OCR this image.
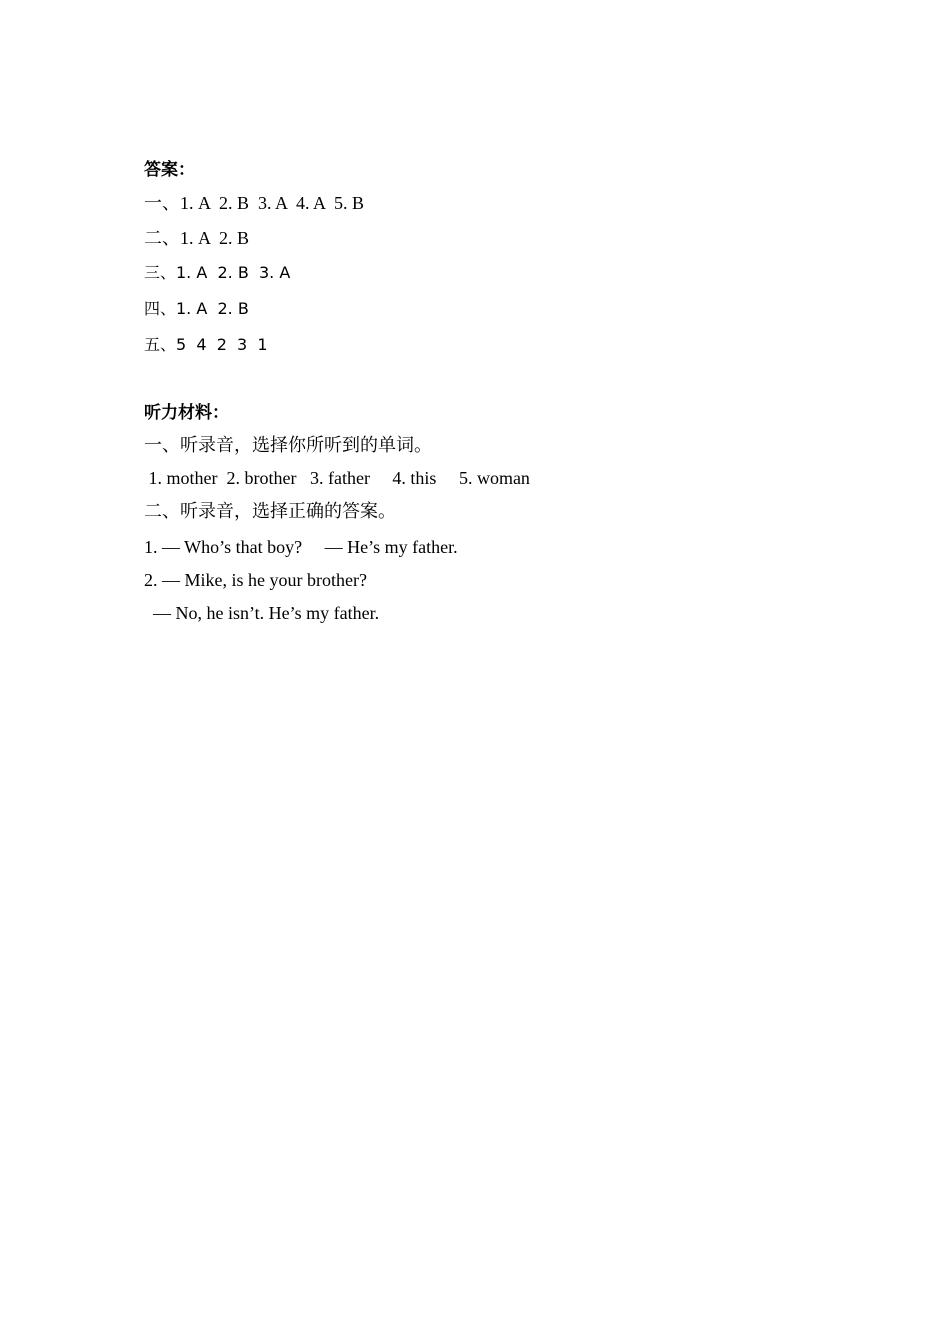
答案：
一、1. A  2. B  3. A  4. A  5. B
二、1. A  2. B
三、1. A  2. B  3. A
四、1. A  2. B
五、5  4  2  3  1
听力材料：
一、听录音，选择你所听到的单词。
1. mother  2. brother   3. father     4. this     5. woman
二、听录音，选择正确的答案。
1. — Who’s that boy?     — He’s my father.
2. — Mike, is he your brother?
— No, he isn’t. He’s my father.
